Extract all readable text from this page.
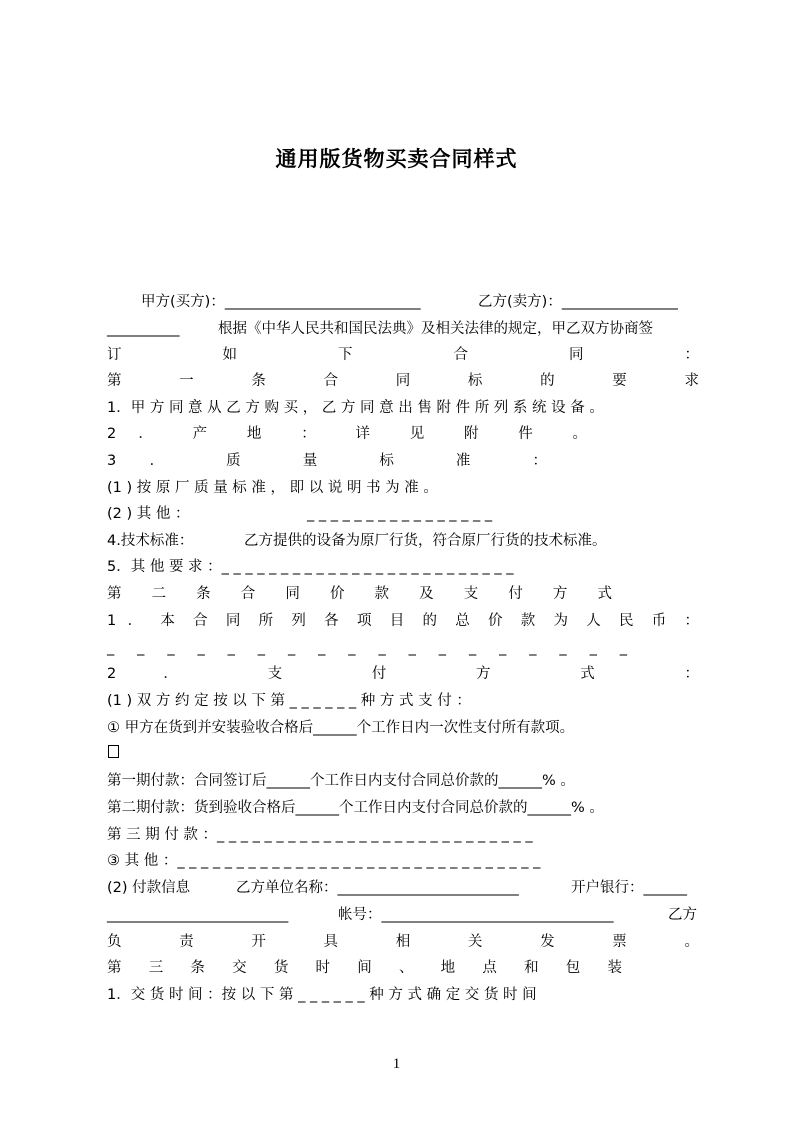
通用版货物买卖合同样式
甲方(买方)：___________________________	乙方(卖方)：________________
__________	根据《中华人民共和国民法典》及相关法律的规定，甲乙双方协商签
订 如 下 合 同 ：
第 一 条 合 同 标 的 要 求
1．甲 方 同 意 从 乙 方 购 买 ， 乙 方 同 意 出 售 附 件 所 列 系 统 设 备 。
2 ． 产 地 ： 详 见 附 件 。
3 ． 质 量 标 准 ：
(1 ) 按 原 厂 质 量 标 准 ， 即 以 说 明 书 为 准 。
(2 ) 其 他 ：	_ _ _ _ _ _ _ _ _ _ _ _ _ _ _ _
4.技术标准：	乙方提供的设备为原厂行货，符合原厂行货的技术标准。
5．其 他 要 求 ：_ _ _ _ _ _ _ _ _ _ _ _ _ _ _ _ _ _ _ _ _ _ _ _ _
第 二 条 合 同 价 款 及 支 付 方 式
1 ． 本 合 同 所 列 各 项 目 的 总 价 款 为 人 民 币 ：
_ _ _ _ _ _ _ _ _ _ _ _ _ _ _ _ _ _
2 ． 支 付 方 式 ：
(1 ) 双 方 约 定 按 以 下 第 _ _ _ _ _ _ 种 方 式 支 付 ：
① 甲方在货到并安装验收合格后______个工作日内一次性支付所有款项。
第一期付款：合同签订后______个工作日内支付合同总价款的______% 。
第二期付款：货到验收合格后______个工作日内支付合同总价款的______% 。
第 三 期 付 款 ：_ _ _ _ _ _ _ _ _ _ _ _ _ _ _ _ _ _ _ _ _ _ _ _ _ _ _
③ 其 他 ：_ _ _ _ _ _ _ _ _ _ _ _ _ _ _ _ _ _ _ _ _ _ _ _ _ _ _ _ _ _ _
(2) 付款信息	乙方单位名称：_________________________	开户银行：______
_________________________	帐号：________________________________	乙方
负 责 开 具 相 关 发 票 。
第 三 条 交 货 时 间 、 地 点 和 包 装
1．交 货 时 间 ：按 以 下 第 _ _ _ _ _ _ 种 方 式 确 定 交 货 时 间
1
